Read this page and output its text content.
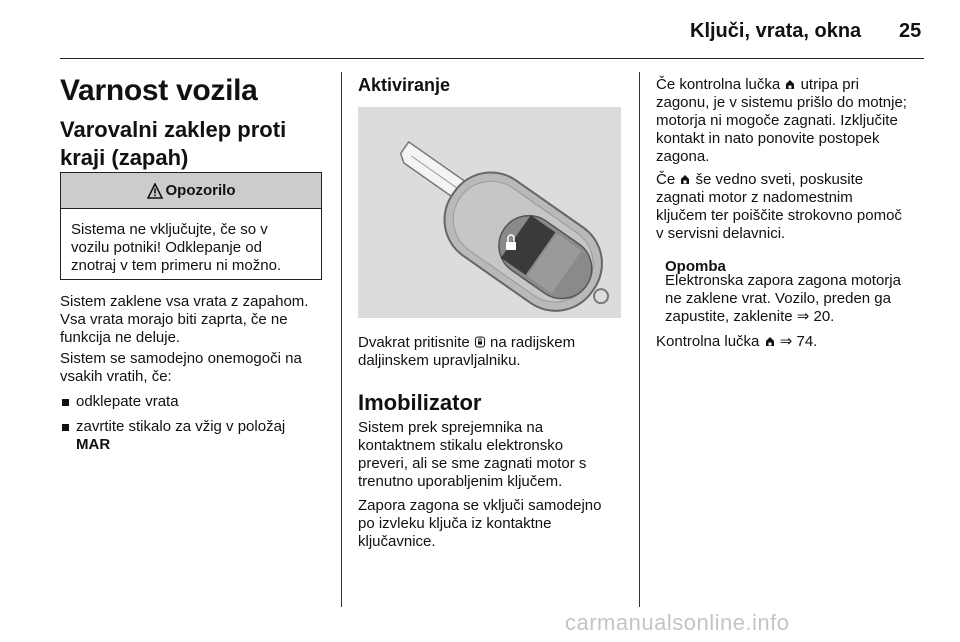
Ključi, vrata, okna 25
Varnost vozila
Varovalni zaklep proti kraji (zapah)
Opozorilo
Sistema ne vključujte, če so v
vozilu potniki! Odklepanje od
znotraj v tem primeru ni možno.
Sistem zaklene vsa vrata z zapahom.
Vsa vrata morajo biti zaprta, če ne
funkcija ne deluje.
Sistem se samodejno onemogoči na
vsakih vratih, če:
odklepate vrata
zavrtite stikalo za vžig v položaj
MAR
Aktiviranje
Dvakrat pritisnite na radijskem
daljinskem upravljalniku.
Imobilizator
Sistem prek sprejemnika na
kontaktnem stikalu elektronsko
preveri, ali se sme zagnati motor s
trenutno uporabljenim ključem.
Zapora zagona se vključi samodejno
po izvleku ključa iz kontaktne
ključavnice.
Če kontrolna lučka utripa pri
zagonu, je v sistemu prišlo do motnje;
motorja ni mogoče zagnati. Izključite
kontakt in nato ponovite postopek
zagona.
Če še vedno sveti, poskusite
zagnati motor z nadomestnim
ključem ter poiščite strokovno pomoč
v servisni delavnici.
Opomba
Elektronska zapora zagona motorja
ne zaklene vrat. Vozilo, preden ga
zapustite, zaklenite ⇒ 20.
Kontrolna lučka ⇒ 74.
carmanualsonline.info
